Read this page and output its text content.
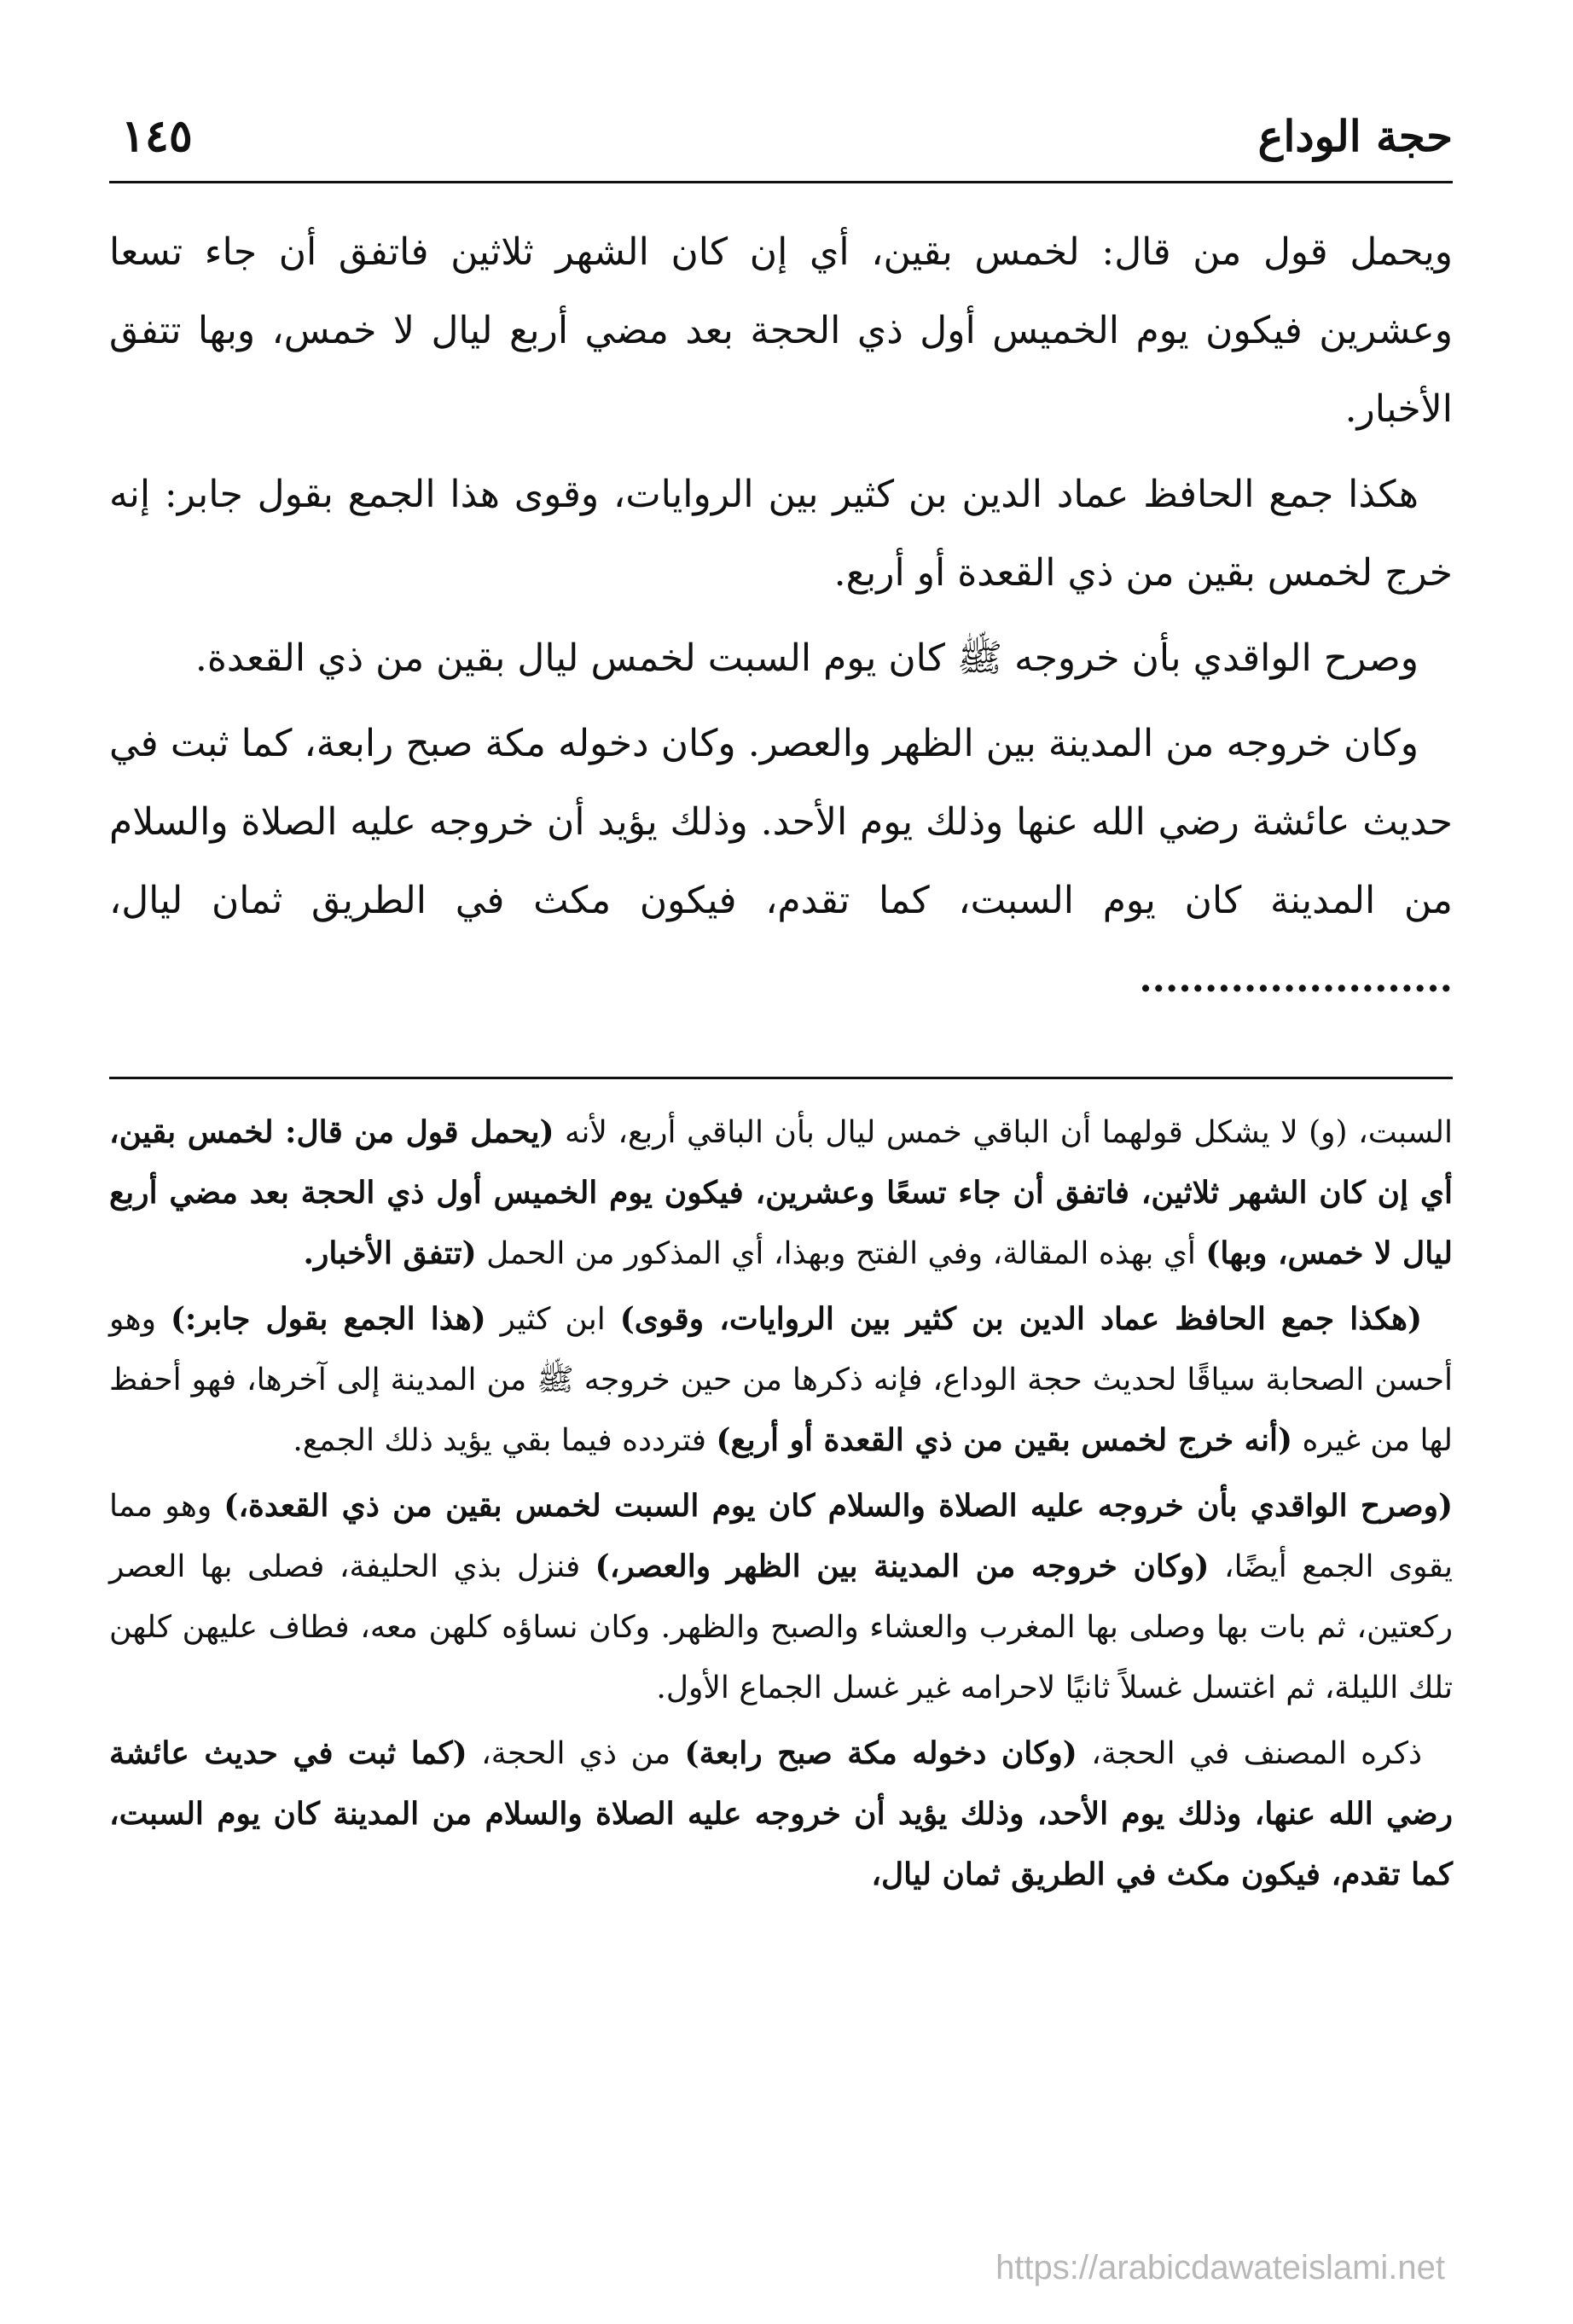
حجة الوداع
١٤٥

ويحمل قول من قال: لخمس بقين، أي إن كان الشهر ثلاثين فاتفق أن جاء تسعا وعشرين فيكون يوم الخميس أول ذي الحجة بعد مضي أربع ليال لا خمس، وبها تتفق الأخبار.

هكذا جمع الحافظ عماد الدين بن كثير بين الروايات، وقوى هذا الجمع بقول جابر: إنه خرج لخمس بقين من ذي القعدة أو أربع.

وصرح الواقدي بأن خروجه ﷺ كان يوم السبت لخمس ليال بقين من ذي القعدة.

وكان خروجه من المدينة بين الظهر والعصر. وكان دخوله مكة صبح رابعة، كما ثبت في حديث عائشة رضي الله عنها وذلك يوم الأحد. وذلك يؤيد أن خروجه عليه الصلاة والسلام من المدينة كان يوم السبت، كما تقدم، فيكون مكث في الطريق ثمان ليال، ........................

السبت، (و) لا يشكل قولهما أن الباقي خمس ليال بأن الباقي أربع، لأنه (يحمل قول من قال: لخمس بقين، أي إن كان الشهر ثلاثين، فاتفق أن جاء تسعًا وعشرين، فيكون يوم الخميس أول ذي الحجة بعد مضي أربع ليال لا خمس، وبها) أي بهذه المقالة، وفي الفتح وبهذا، أي المذكور من الحمل (تتفق الأخبار.

(هكذا جمع الحافظ عماد الدين بن كثير بين الروايات، وقوى) ابن كثير (هذا الجمع بقول جابر:) وهو أحسن الصحابة سياقًا لحديث حجة الوداع، فإنه ذكرها من حين خروجه ﷺ من المدينة إلى آخرها، فهو أحفظ لها من غيره (أنه خرج لخمس بقين من ذي القعدة أو أربع) فتردده فيما بقي يؤيد ذلك الجمع.

(وصرح الواقدي بأن خروجه عليه الصلاة والسلام كان يوم السبت لخمس بقين من ذي القعدة،) وهو مما يقوى الجمع أيضًا، (وكان خروجه من المدينة بين الظهر والعصر،) فنزل بذي الحليفة، فصلى بها العصر ركعتين، ثم بات بها وصلى بها المغرب والعشاء والصبح والظهر. وكان نساؤه كلهن معه، فطاف عليهن كلهن تلك الليلة، ثم اغتسل غسلاً ثانيًا لاحرامه غير غسل الجماع الأول.

ذكره المصنف في الحجة، (وكان دخوله مكة صبح رابعة) من ذي الحجة، (كما ثبت في حديث عائشة رضي الله عنها، وذلك يوم الأحد، وذلك يؤيد أن خروجه عليه الصلاة والسلام من المدينة كان يوم السبت، كما تقدم، فيكون مكث في الطريق ثمان ليال،

https://arabicdawateislami.net
